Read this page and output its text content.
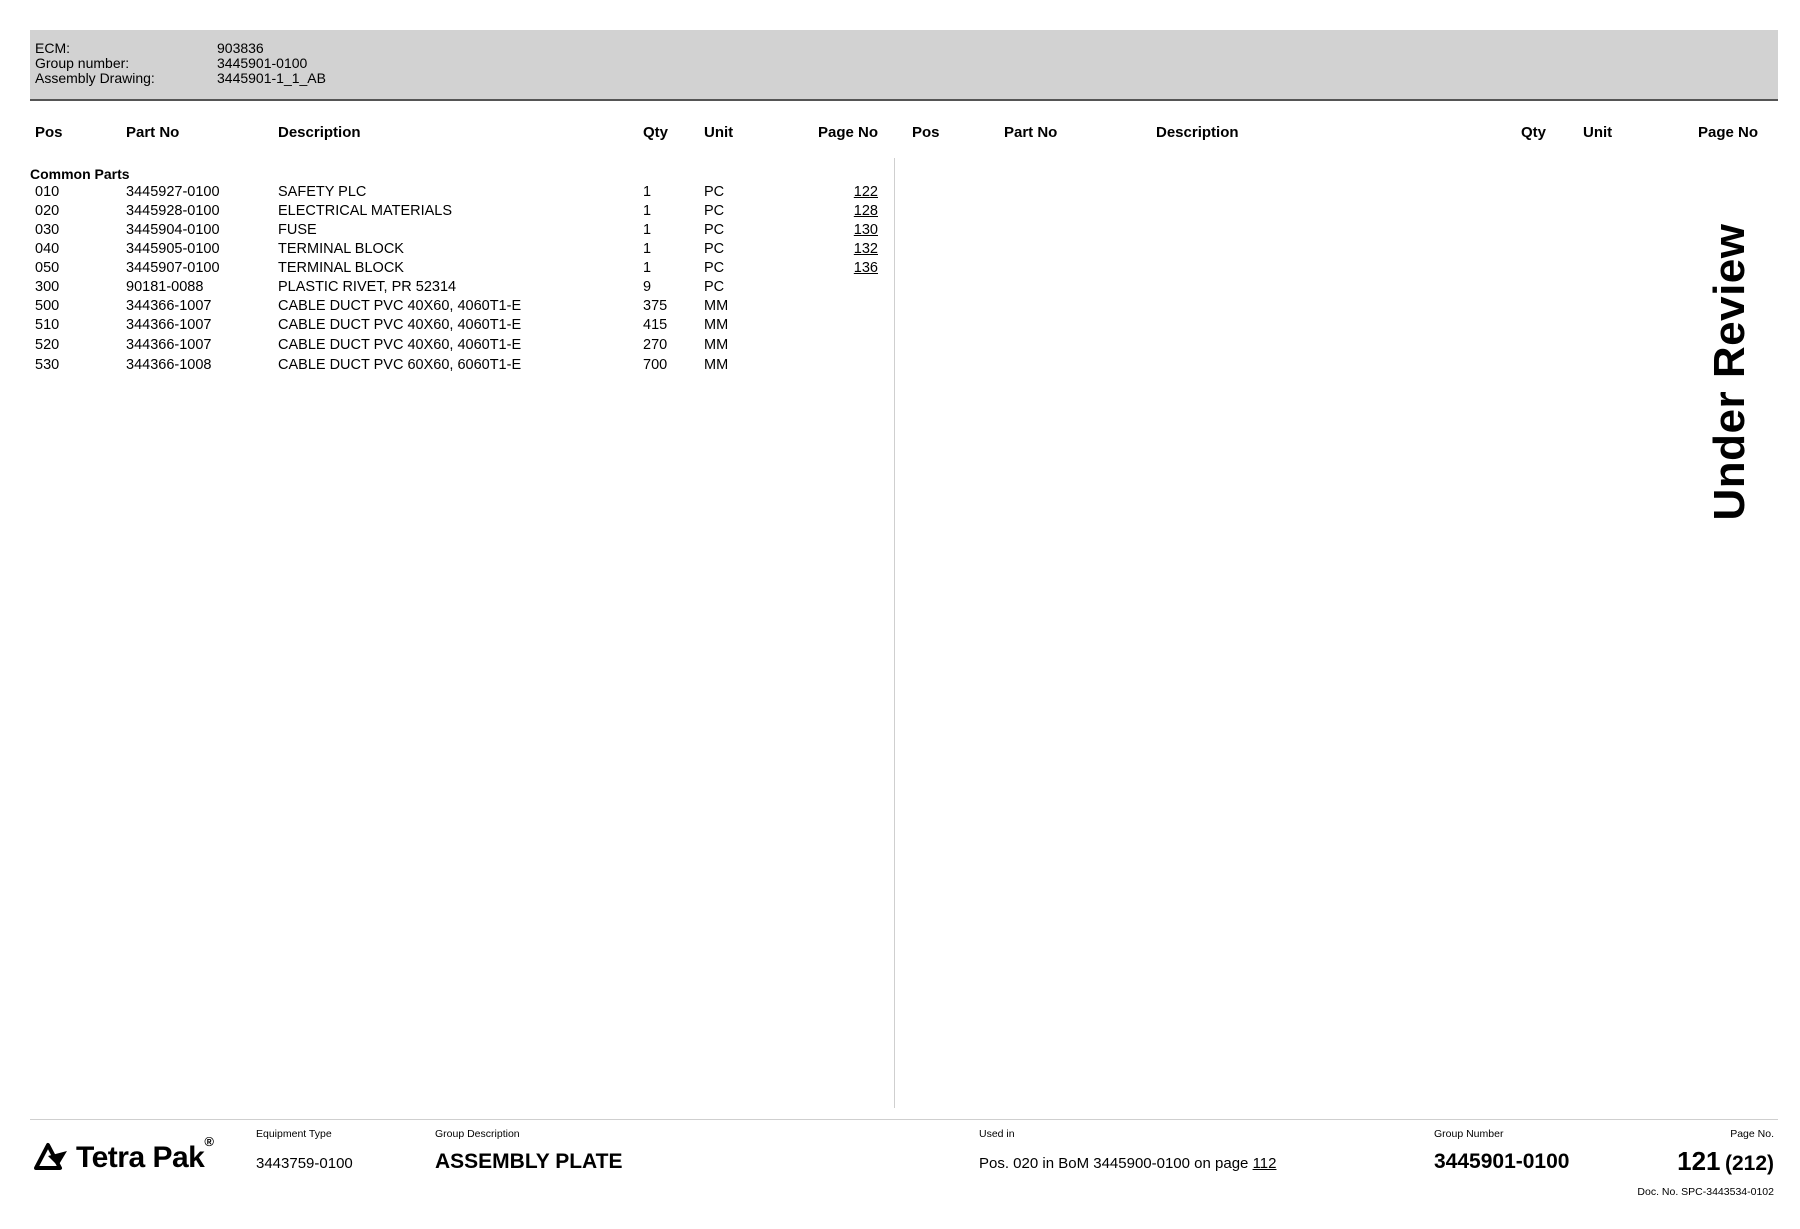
ECM:	903836
Group number:	3445901-0100
Assembly Drawing:	3445901-1_1_AB
Pos	Part No	Description	Qty Unit	Page No Pos	Part No	Description	Qty Unit	Page No
Common Parts
010	3445927-0100	SAFETY PLC	1	PC	122
020	3445928-0100	ELECTRICAL MATERIALS	1	PC	128
030	3445904-0100	FUSE	1	PC	130
040	3445905-0100	TERMINAL BLOCK	1	PC	132
050	3445907-0100	TERMINAL BLOCK	1	PC	136
300	90181-0088	PLASTIC RIVET, PR 52314	9	PC
500	344366-1007	CABLE DUCT PVC 40X60, 4060T1-E	375	MM
510	344366-1007	CABLE DUCT PVC 40X60, 4060T1-E	415	MM
520	344366-1007	CABLE DUCT PVC 40X60, 4060T1-E	270	MM
530	344366-1008	CABLE DUCT PVC 60X60, 6060T1-E	700	MM	Under Review
Tetra Pak®	Equipment Type
3443759-0100
Group Description
ASSEMBLY PLATE
Used in
Pos. 020 in BoM 3445900-0100 on page 112
Group Number
3445901-0100
Page No.
121 (212)
Doc. No. SPC-3443534-0102
